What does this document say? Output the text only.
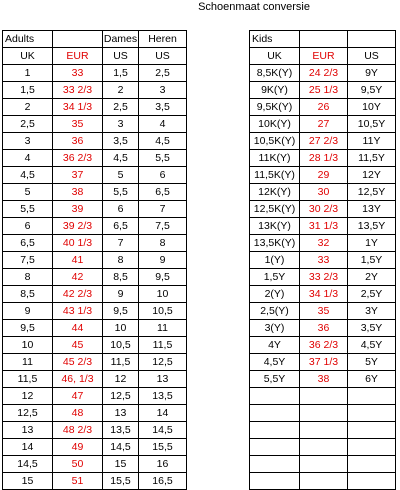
Schoenmaat conversie
Adults		Dames	Heren
UK	EUR	US	US
1	33	1,5	2,5
1,5	33 2/3	2	3
2	34 1/3	2,5	3,5
2,5	35	3	4
3	36	3,5	4,5
4	36 2/3	4,5	5,5
4,5	37	5	6
5	38	5,5	6,5
5,5	39	6	7
6	39 2/3	6,5	7,5
6,5	40 1/3	7	8
7,5	41	8	9
8	42	8,5	9,5
8,5	42 2/3	9	10
9	43 1/3	9,5	10,5
9,5	44	10	11
10	45	10,5	11,5
11	45 2/3	11,5	12,5
11,5	46, 1/3	12	13
12	47	12,5	13,5
12,5	48	13	14
13	48 2/3	13,5	14,5
14	49	14,5	15,5
14,5	50	15	16
15	51	15,5	16,5
Kids		
UK	EUR	US
8,5K(Y)	24 2/3	9Y
9K(Y)	25 1/3	9,5Y
9,5K(Y)	26	10Y
10K(Y)	27	10,5Y
10,5K(Y)	27 2/3	11Y
11K(Y)	28 1/3	11,5Y
11,5K(Y)	29	12Y
12K(Y)	30	12,5Y
12,5K(Y)	30 2/3	13Y
13K(Y)	31 1/3	13,5Y
13,5K(Y)	32	1Y
1(Y)	33	1,5Y
1,5Y	33 2/3	2Y
2(Y)	34 1/3	2,5Y
2,5(Y)	35	3Y
3(Y)	36	3,5Y
4Y	36 2/3	4,5Y
4,5Y	37 1/3	5Y
5,5Y	38	6Y
